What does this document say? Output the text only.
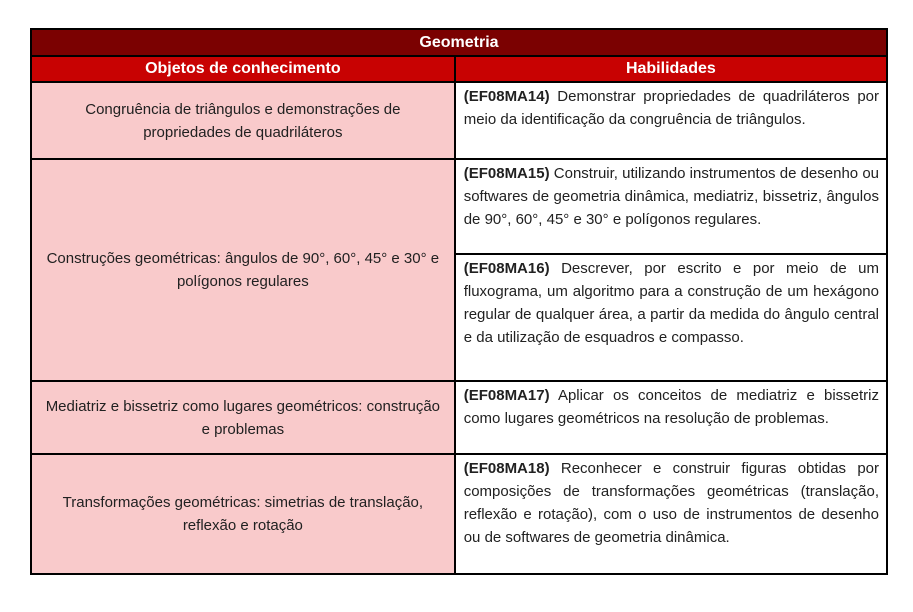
Geometria	
Objetos de conhecimento	Habilidades
Congruência de triângulos e demonstrações de propriedades de quadriláteros	(EF08MA14) Demonstrar propriedades de quadriláteros por meio da identificação da congruência de triângulos.
Construções geométricas: ângulos de 90°, 60°, 45° e 30° e polígonos regulares	(EF08MA15) Construir, utilizando instrumentos de desenho ou softwares de geometria dinâmica, mediatriz, bissetriz, ângulos de 90°, 60°, 45° e 30° e polígonos regulares.
	(EF08MA16) Descrever, por escrito e por meio de um fluxograma, um algoritmo para a construção de um hexágono regular de qualquer área, a partir da medida do ângulo central e da utilização de esquadros e compasso.
Mediatriz e bissetriz como lugares geométricos: construção e problemas	(EF08MA17) Aplicar os conceitos de mediatriz e bissetriz como lugares geométricos na resolução de problemas.
Transformações geométricas: simetrias de translação, reflexão e rotação	(EF08MA18) Reconhecer e construir figuras obtidas por composições de transformações geométricas (translação, reflexão e rotação), com o uso de instrumentos de desenho ou de softwares de geometria dinâmica.
